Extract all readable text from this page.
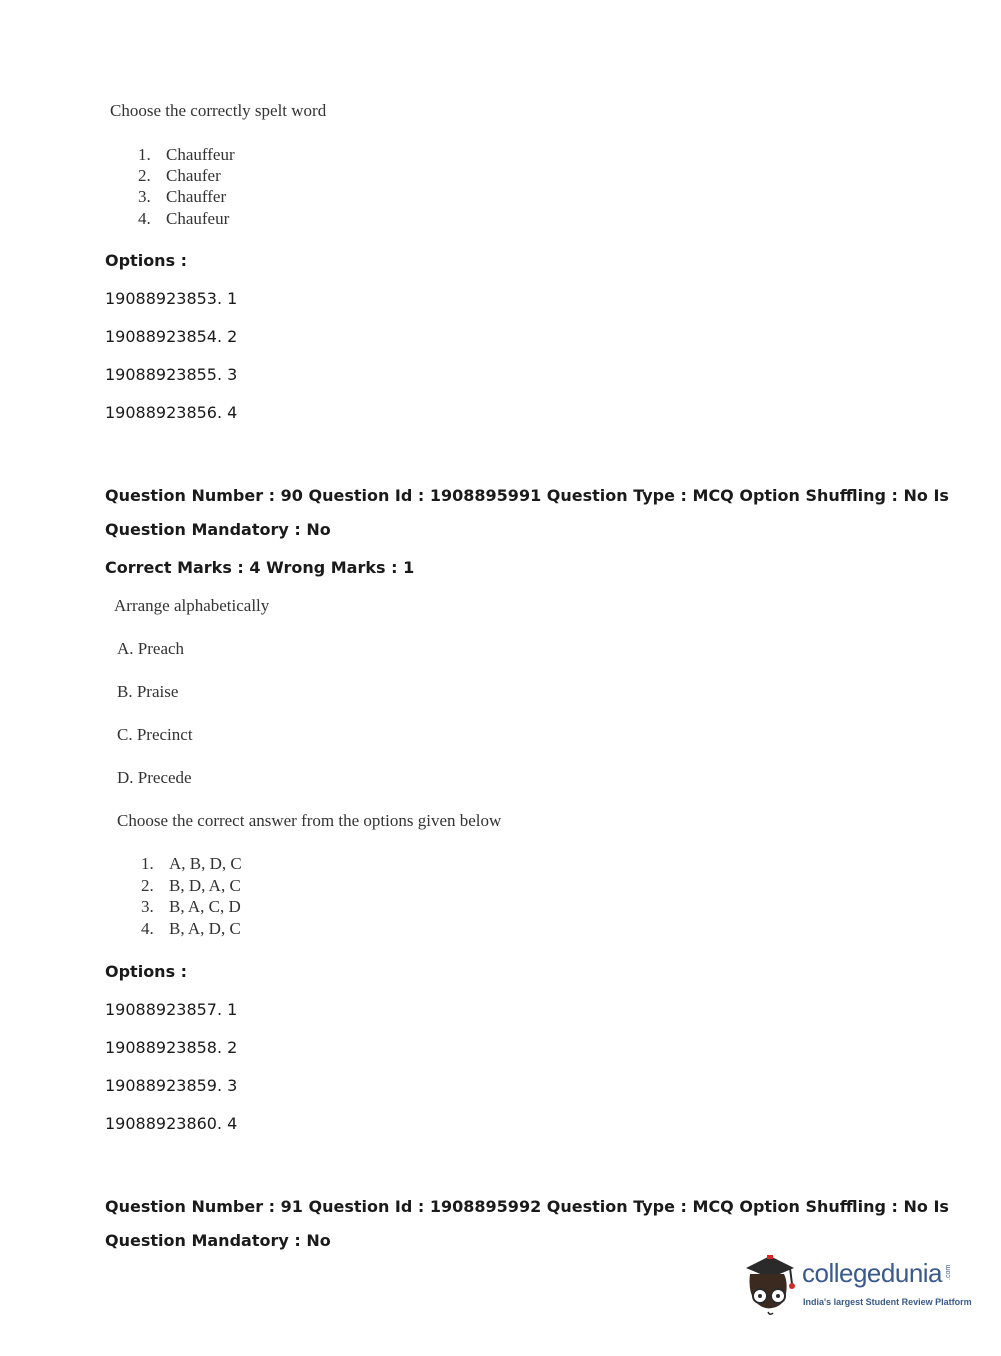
Choose the correctly spelt word
1. Chauffeur
2. Chaufer
3. Chauffer
4. Chaufeur
Options :
19088923853. 1
19088923854. 2
19088923855. 3
19088923856. 4
Question Number : 90 Question Id : 1908895991 Question Type : MCQ Option Shuffling : No Is
Question Mandatory : No
Correct Marks : 4 Wrong Marks : 1
Arrange alphabetically
A. Preach
B. Praise
C. Precinct
D. Precede
Choose the correct answer from the options given below
1. A, B, D, C
2. B, D, A, C
3. B, A, C, D
4. B, A, D, C
Options :
19088923857. 1
19088923858. 2
19088923859. 3
19088923860. 4
Question Number : 91 Question Id : 1908895992 Question Type : MCQ Option Shuffling : No Is
Question Mandatory : No
collegedunia .com
India's largest Student Review Platform
